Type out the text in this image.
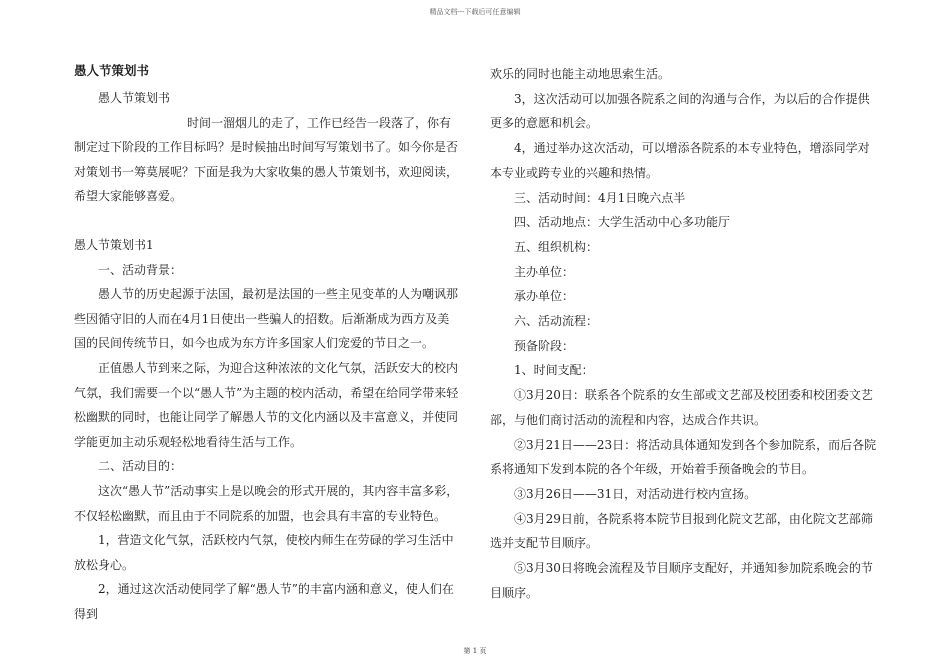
精品文档---下载后可任意编辑

愚人节策划书

愚人节策划书

时间一溜烟儿的走了，工作已经告一段落了，你有制定过下阶段的工作目标吗？是时候抽出时间写写策划书了。如今你是否对策划书一筹莫展呢？下面是我为大家收集的愚人节策划书，欢迎阅读，希望大家能够喜爱。

愚人节策划书1

一、活动背景：

愚人节的历史起源于法国，最初是法国的一些主见变革的人为嘲讽那些因循守旧的人而在4月1日使出一些骗人的招数。后渐渐成为西方及美国的民间传统节日，如今也成为东方许多国家人们宠爱的节日之一。

正值愚人节到来之际，为迎合这种浓浓的文化气氛，活跃安大的校内气氛，我们需要一个以“愚人节”为主题的校内活动，希望在给同学带来轻松幽默的同时，也能让同学了解愚人节的文化内涵以及丰富意义，并使同学能更加主动乐观轻松地看待生活与工作。

二、活动目的：

这次“愚人节”活动事实上是以晚会的形式开展的，其内容丰富多彩，不仅轻松幽默，而且由于不同院系的加盟，也会具有丰富的专业特色。

1，营造文化气氛，活跃校内气氛，使校内师生在劳碌的学习生活中放松身心。

2，通过这次活动使同学了解“愚人节”的丰富内涵和意义，使人们在得到

欢乐的同时也能主动地思索生活。

3，这次活动可以加强各院系之间的沟通与合作，为以后的合作提供更多的意愿和机会。

4，通过举办这次活动，可以增添各院系的本专业特色，增添同学对本专业或跨专业的兴趣和热情。

三、活动时间：4月1日晚六点半

四、活动地点：大学生活动中心多功能厅

五、组织机构：

主办单位：

承办单位：

六、活动流程：

预备阶段：

1、时间支配：

①3月20日：联系各个院系的女生部或文艺部及校团委和校团委文艺部，与他们商讨活动的流程和内容，达成合作共识。

②3月21日——23日：将活动具体通知发到各个参加院系，而后各院系将通知下发到本院的各个年级，开始着手预备晚会的节目。

③3月26日——31日，对活动进行校内宣扬。

④3月29日前，各院系将本院节目报到化院文艺部，由化院文艺部筛选并支配节目顺序。

⑤3月30日将晚会流程及节目顺序支配好，并通知参加院系晚会的节目顺序。

第 1 页
